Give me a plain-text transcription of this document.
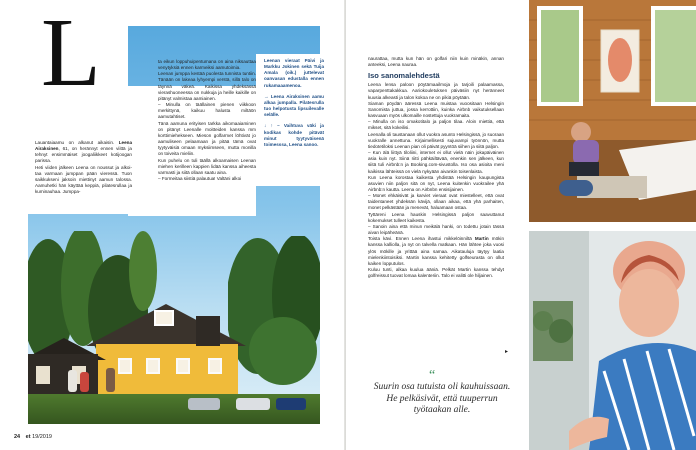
L

Lauantaiaamu on alkanut aikaisin. Leena Airaksinen, 61, on herännyt ennen viittä ja tehnyt ensimmäiset joogaliikkeet kotijoogan parissa.

Heti viiden jälkeen Leena on noussut ja alkoitaa varmaan jumppan pään vieressä. Tuon saikkukseni jaksoin miettinyt aamun talossa. Aamuhetki hän käyttää keppiä, pilatesrullaa ja kuminauhaa. Jumppa-

ta eikun loppuhuipentumana on aina niksauttaa venytyksiä ennen karmeiksi aamutoimia.

Leenan jumppa kestää puolesta tunnista tuntiin. Tänään on lakeaa lyhyempi verstä, sillä talo on täynnä väkeä. Kaikissa yhdeksässä vierashuoneessa on nukkuja ja heille kaikille on pitänyt valmistaa aamiainen.

– Minulla on täällainen pienen viikkoon merkittynä, kaikuu halusta miltäön aamutahtiset.

Tänä aamuna erityisen tarkka aikomaaiaminen on pitänyt Leenalle moitteiden kanssa mm korttimiehekseen. Mieson golfarmet löhtivät jo aamuliseen pelaamaan ja pitää tämä ovat tyytyväisiä omaan myksiimseen, mutta monilla on toiveita mieliin.

Kun puhelu on tuli täällä alkoamaisen Leenan miehen kerilleen kappien lidää kanssa aiheesta varmasti ja siitä ollaan saatu aina.

– Formeitaa siistiä palautua! Valtäni alkoi

Leenan vieraat Päivi ja Markku Jokinen sekä Tuija Amala (oik.) juttelevat oanvasan edustalla ennen rukamaaamenoa.

→ Leena Airaksinen aamu alkaa jumpalla. Pilatesrulla tuo helpotusta lipsuilevalle selälle.

↓ ↑ – Vaihtuva väki ja kodikas kohde pitävät minut tyytyväisenä toimesssa, Leena sanoo.

24 et 19/2019

naurattaa, mutta kun hän on golfari niin kuin minäkin, annan anteeksi, Leena nauraa.

Iso sanomalehdestä

Leena lensa paloon pöytämaailmoja ja tarjoili palaamassa, vaparpenttakakkua. Aariokouletuksen päiväsiin nyt heränneet kuusia alkeasti ja talon kokoa ne on pikiä pöytään.

Siaman pöydän ääressä Leena muistaa vuoositaan Helsingin Sanomista juttua, jossa kerrottiin, kuinka Airbnb vaikutuksellaan kasvuaan myös ulkomaille nostettuja vuokramaita.

– Minulla on iso omakotitalo ja paljon tilaa. Aloin miettiä, että mikset, sitä kokeilisi.

Leenalla oli taustanaan ollut vuokra asunto Helsingissä, jo suoraan vuokralle annettuna. Kirjaimellisesti sujuvampi työnnön, mutta tiedotetiloksi Leenan pian oli päivät pyyntöä siihen ja siitä paljon.

– Kun älä liittyä tiloliini, internet ei ollut vielä näin jokapäiväinen asia kuin nyt. Siinä riitti pähkäiltävää, enenkin sen jälkeen, kun siitä tuli Airbnb:n ja Booking.com-sivustolla. Iso osa asioita meni kaikissa lähteissä on vielä nykyään aivankin toisenlaista.

Kun Leena korostaa kaikesta yhdistää Helsingin kaupungista asuvien niin paljon sitä on nyt, Leena kuitenkin vuokrailee yhä Airbnb:n kautta. Leena on Airbnbn ensisijainen.

– Monet ehkäisivät ja karviet vieraat ovat miestelleet, että ovat taidentaneet yhdeksän kävijä, ollaan aikaa, että yhä parhaiten, monet pelkästään ja menevät, haluamaan ostaa.

Tyttäreni Leena hauskin Helsingissä paljon saavuttanut kokemukset tulleet kaikesta.

– Sanoin aina että minun meikälä hanki, on todettu jotain tässä aivan leipäheänä.

Toista kävi. Ennen Leena ihastui mikkelöinniltä Martin mökin kanssa kalliolla, ja nyt on talvella matkaan. Hän lähtee joka vuosi ylös mökille ja yrittää aina samaa. Aikatauluja täytyy laatia mielenkiintoisiksi. Martin kanssa kehitetty golfseurasta on ollut kaiken lopputulos.

Kuluu tunti, alkaa kuulua ääniä. Pelkät Martin kanssa tehdyt golfreissut tuovat lomaa kalenteriin. Talo ei valitti ole hiljainen.

▸
“
Suurin osa tutuista oli kauhuissaan. He pelkäsivät, että tuuperrun työtaakan alle.
